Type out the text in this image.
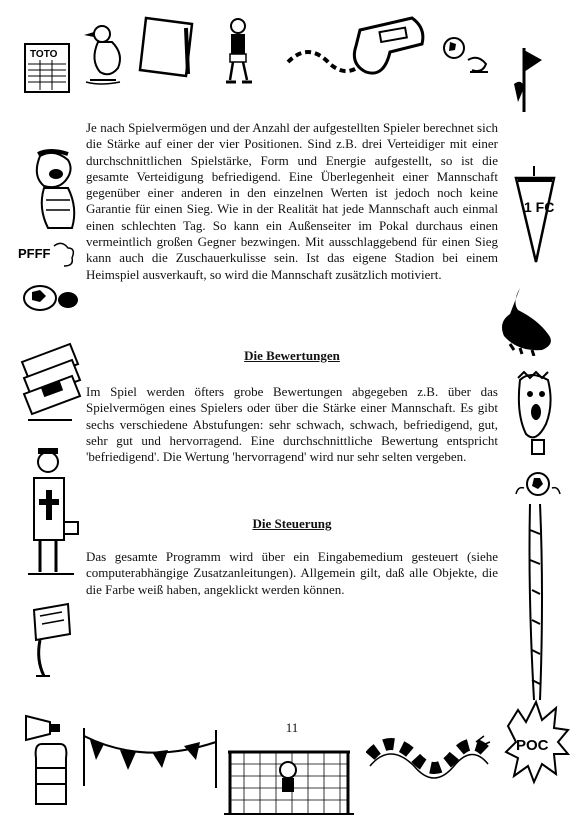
TOTO
PFFF
1 FC
POC
Je nach Spielvermögen und der Anzahl der aufgestellten Spieler berechnet sich die Stärke auf einer der vier Positionen. Sind z.B. drei Verteidiger mit einer durchschnittlichen Spielstärke, Form und Energie aufgestellt, so ist die gesamte Verteidigung befriedigend. Eine Überlegenheit einer Mannschaft gegenüber einer anderen in den einzelnen Werten ist jedoch noch keine Garantie für einen Sieg. Wie in der Realität hat jede Mannschaft auch einmal einen schlechten Tag. So kann ein Außenseiter im Pokal durchaus einen vermeintlich großen Gegner bezwingen. Mit ausschlaggebend für einen Sieg kann auch die Zuschauerkulisse sein. Ist das eigene Stadion bei einem Heimspiel ausverkauft, so wird die Mannschaft zusätzlich motiviert.
Die Bewertungen
Im Spiel werden öfters grobe Bewertungen abgegeben z.B. über das Spielvermögen eines Spielers oder über die Stärke einer Mannschaft. Es gibt sechs verschiedene Abstufungen: sehr schwach, schwach, befriedigend, gut, sehr gut und hervorragend. Eine durchschnittliche Bewertung entspricht 'befriedigend'. Die Wertung 'hervorragend' wird nur sehr selten vergeben.
Die Steuerung
Das gesamte Programm wird über ein Eingabemedium gesteuert (siehe computerabhängige Zusatzanleitungen). Allgemein gilt, daß alle Objekte, die die Farbe weiß haben, angeklickt werden können.
11
